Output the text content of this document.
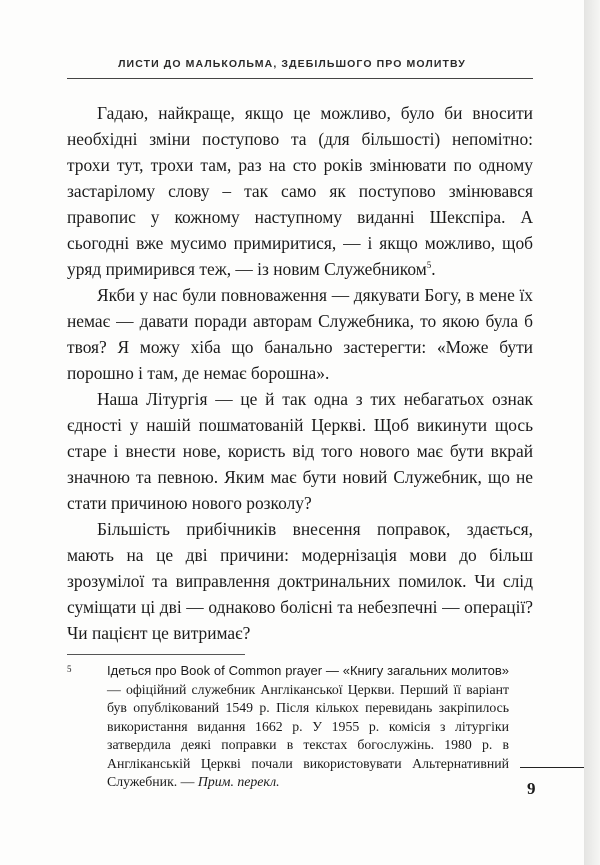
ЛИСТИ ДО МАЛЬКОЛЬМА, ЗДЕБІЛЬШОГО ПРО МОЛИТВУ

Гадаю, найкраще, якщо це можливо, було би вносити необхідні зміни поступово та (для більшості) непомітно: трохи тут, трохи там, раз на сто років змінювати по одному застарілому слову – так само як поступово змінювався правопис у кожному наступному виданні Шекспіра. А сьогодні вже мусимо примиритися, — і якщо можливо, щоб уряд примирився теж, — із новим Служебником$^5$.

Якби у нас були повноваження — дякувати Богу, в мене їх немає — давати поради авторам Служебника, то якою була б твоя? Я можу хіба що банально застерегти: «Може бути порошно і там, де немає борошна».

Наша Літургія — це й так одна з тих небагатьох ознак єдності у нашій пошматованій Церкві. Щоб викинути щось старе і внести нове, користь від того нового має бути вкрай значною та певною. Яким має бути новий Служебник, що не стати причиною нового розколу?

Більшість прибічників внесення поправок, здається, мають на це дві причини: модернізація мови до більш зрозумілої та виправлення доктринальних помилок. Чи слід суміщати ці дві — однаково болісні та небезпечні — операції? Чи пацієнт це витримає?

5	Ідеться про Book of Common prayer — «Книгу загальних молитов» — офіційний служебник Англіканської Церкви. Перший її варіант був опублікований 1549 р. Після кількох перевидань закріпилось використання видання 1662 р. У 1955 р. комісія з літургіки затвердила деякі поправки в текстах богослужінь. 1980 р. в Англіканській Церкві почали використовувати Альтернативний Служебник. — Прим. перекл.	9
